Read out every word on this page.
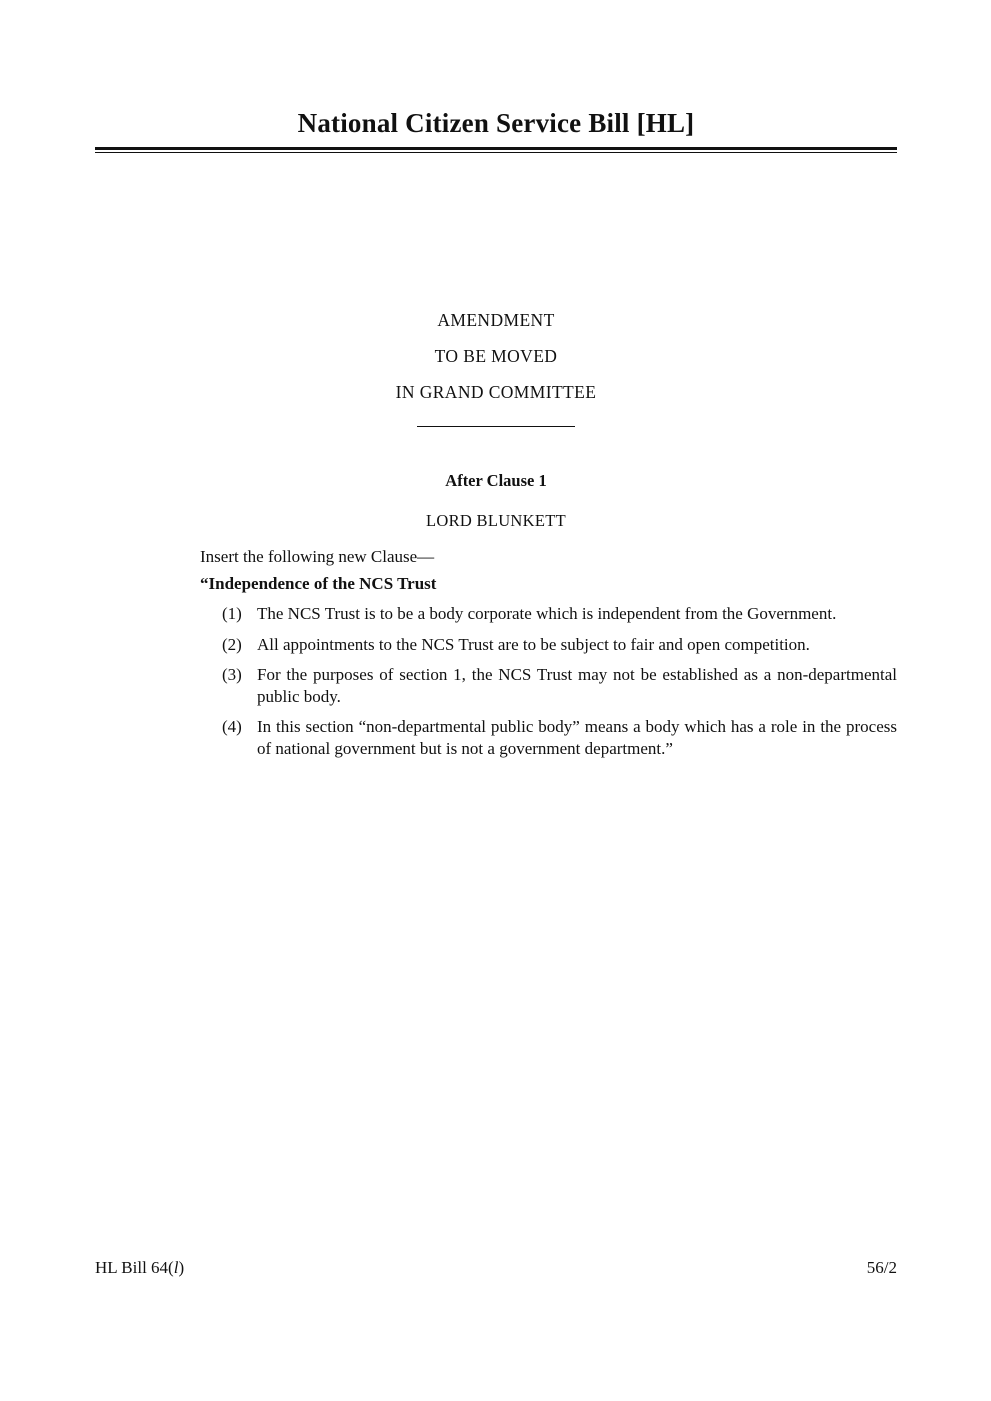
National Citizen Service Bill [HL]
AMENDMENT
TO BE MOVED
IN GRAND COMMITTEE
After Clause 1
LORD BLUNKETT
Insert the following new Clause—
“Independence of the NCS Trust
(1) The NCS Trust is to be a body corporate which is independent from the Government.
(2) All appointments to the NCS Trust are to be subject to fair and open competition.
(3) For the purposes of section 1, the NCS Trust may not be established as a non-departmental public body.
(4) In this section “non-departmental public body” means a body which has a role in the process of national government but is not a government department.”
HL Bill 64(l)	56/2
